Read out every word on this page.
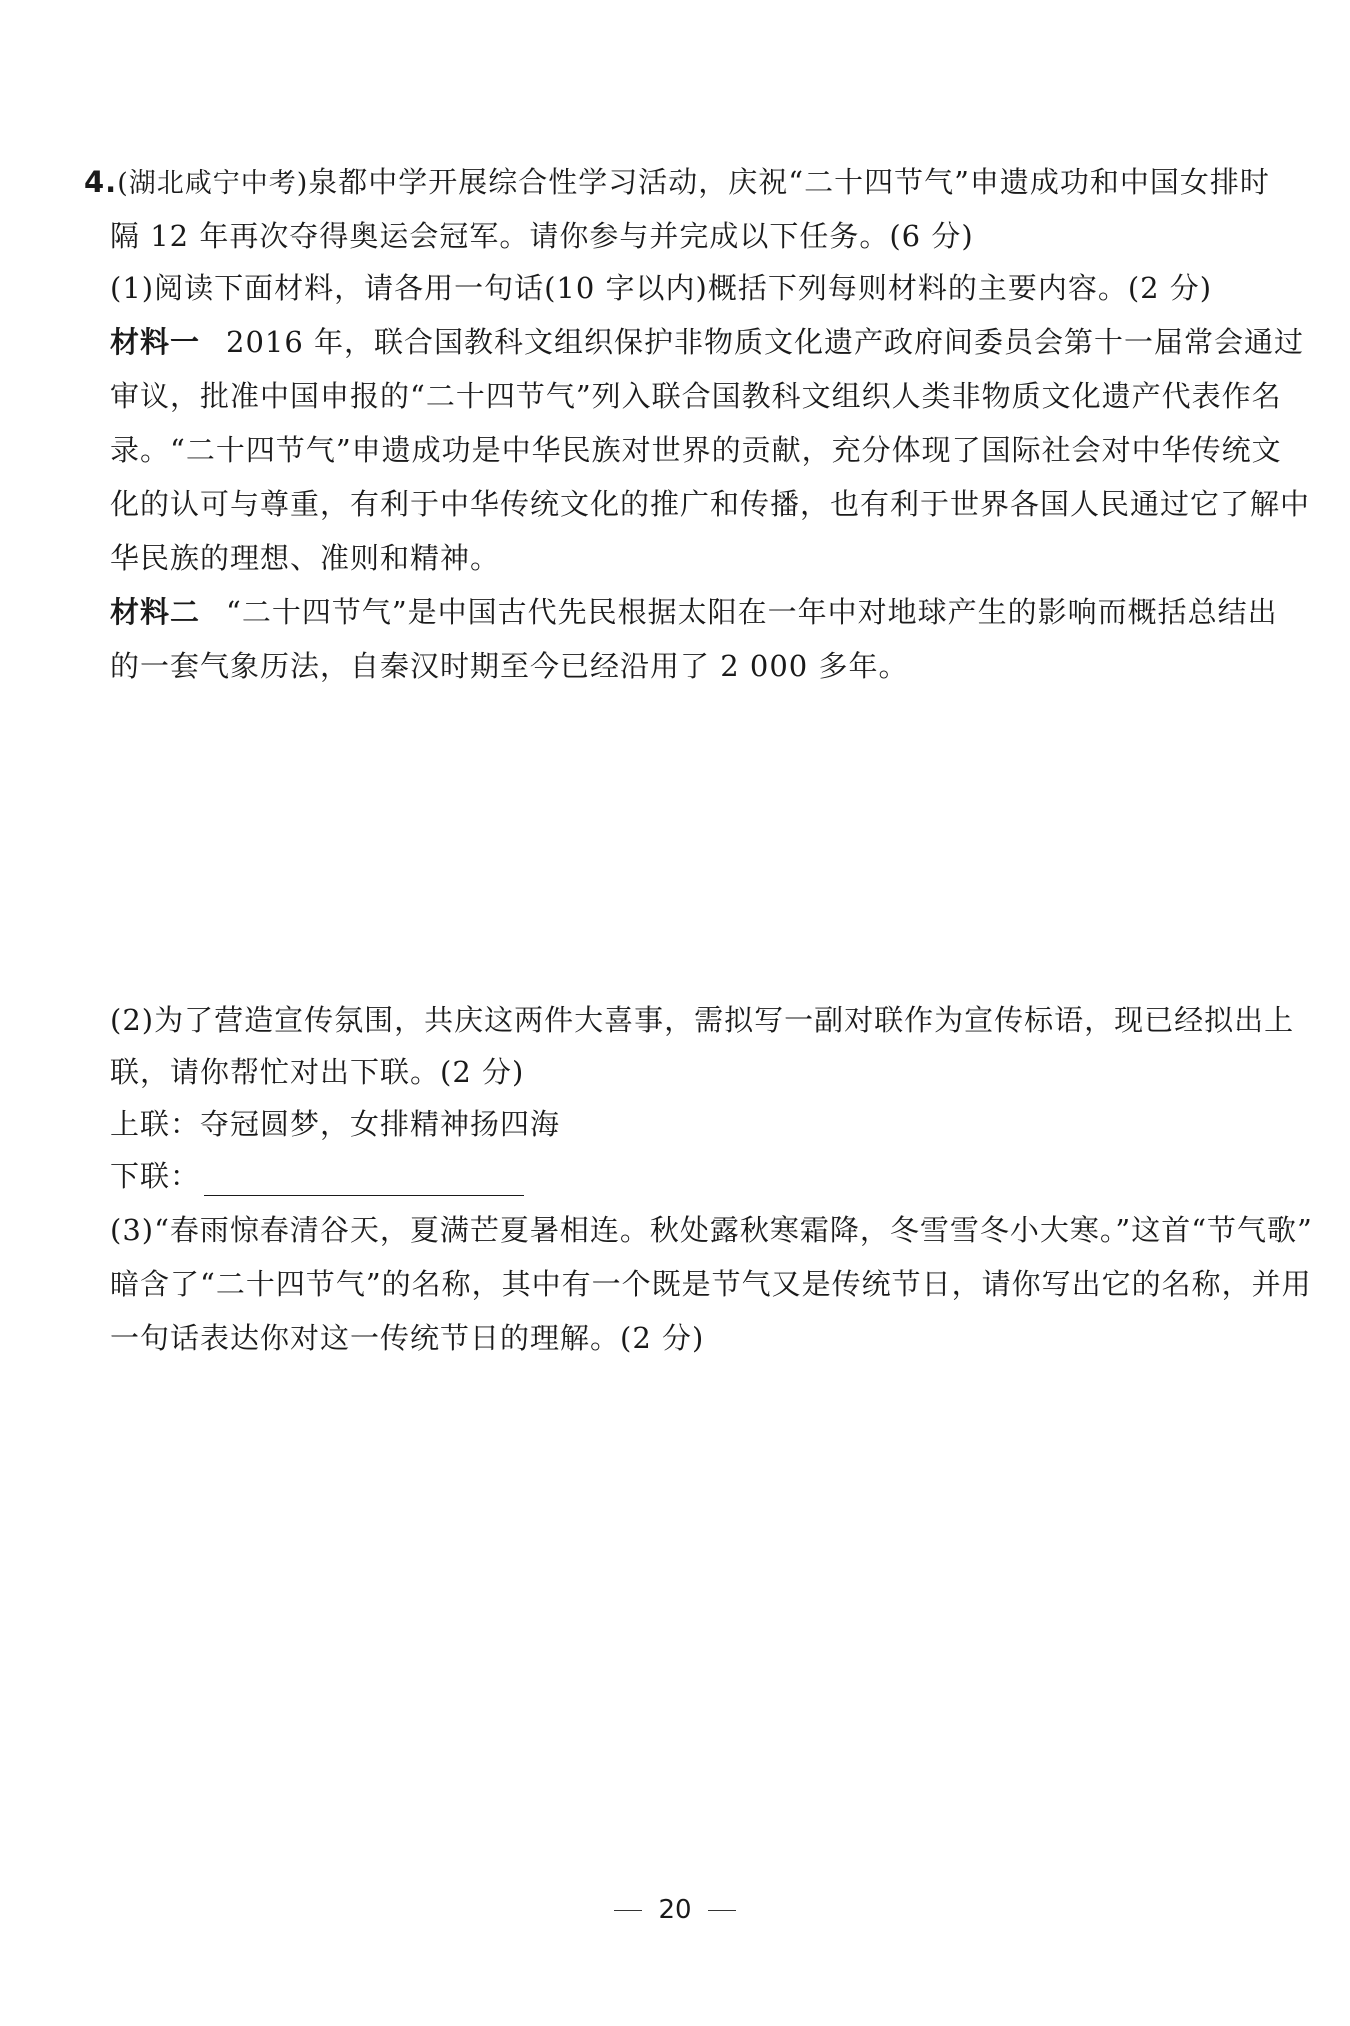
4.(湖北咸宁中考)泉都中学开展综合性学习活动，庆祝“二十四节气”申遗成功和中国女排时
隔 12 年再次夺得奥运会冠军。请你参与并完成以下任务。(6 分)
(1)阅读下面材料，请各用一句话(10 字以内)概括下列每则材料的主要内容。(2 分)
材料一 2016 年，联合国教科文组织保护非物质文化遗产政府间委员会第十一届常会通过
审议，批准中国申报的“二十四节气”列入联合国教科文组织人类非物质文化遗产代表作名
录。“二十四节气”申遗成功是中华民族对世界的贡献，充分体现了国际社会对中华传统文
化的认可与尊重，有利于中华传统文化的推广和传播，也有利于世界各国人民通过它了解中
华民族的理想、准则和精神。
材料二 “二十四节气”是中国古代先民根据太阳在一年中对地球产生的影响而概括总结出
的一套气象历法，自秦汉时期至今已经沿用了 2 000 多年。
(2)为了营造宣传氛围，共庆这两件大喜事，需拟写一副对联作为宣传标语，现已经拟出上
联，请你帮忙对出下联。(2 分)
上联：夺冠圆梦，女排精神扬四海
下联：
(3)“春雨惊春清谷天，夏满芒夏暑相连。秋处露秋寒霜降，冬雪雪冬小大寒。”这首“节气歌”
暗含了“二十四节气”的名称，其中有一个既是节气又是传统节日，请你写出它的名称，并用
一句话表达你对这一传统节日的理解。(2 分)
20
